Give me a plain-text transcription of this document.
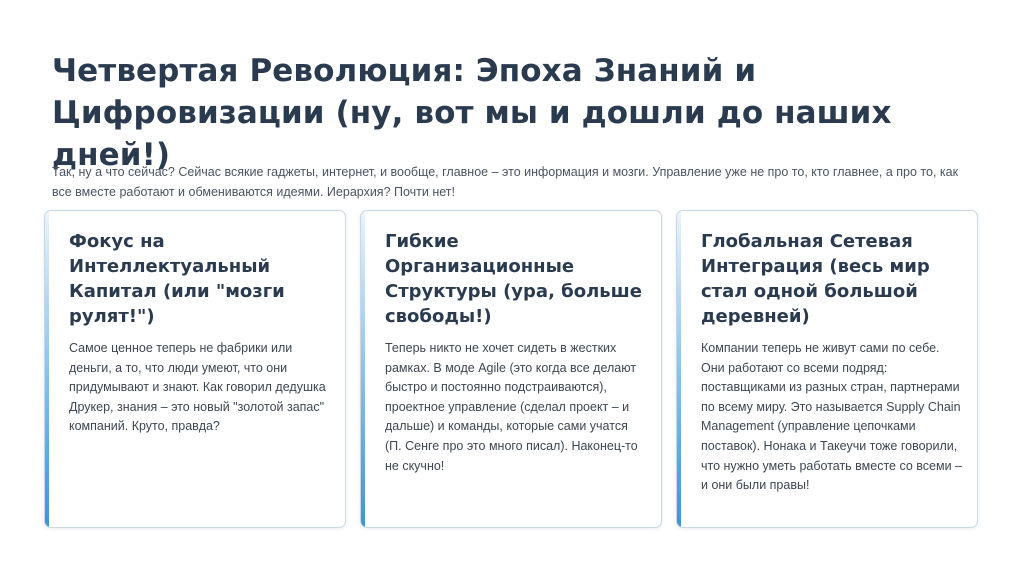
Четвертая Революция: Эпоха Знаний и Цифровизации (ну, вот мы и дошли до наших дней!)

Так, ну а что сейчас? Сейчас всякие гаджеты, интернет, и вообще, главное – это информация и мозги. Управление уже не про то, кто главнее, а про то, как все вместе работают и обмениваются идеями. Иерархия? Почти нет!

Фокус на Интеллектуальный Капитал (или "мозги рулят!")

Самое ценное теперь не фабрики или деньги, а то, что люди умеют, что они придумывают и знают. Как говорил дедушка Друкер, знания – это новый "золотой запас" компаний. Круто, правда?

Гибкие Организационные Структуры (ура, больше свободы!)

Теперь никто не хочет сидеть в жестких рамках. В моде Agile (это когда все делают быстро и постоянно подстраиваются), проектное управление (сделал проект – и дальше) и команды, которые сами учатся (П. Сенге про это много писал). Наконец-то не скучно!

Глобальная Сетевая Интеграция (весь мир стал одной большой деревней)

Компании теперь не живут сами по себе. Они работают со всеми подряд: поставщиками из разных стран, партнерами по всему миру. Это называется Supply Chain Management (управление цепочками поставок). Нонака и Такеучи тоже говорили, что нужно уметь работать вместе со всеми – и они были правы!
